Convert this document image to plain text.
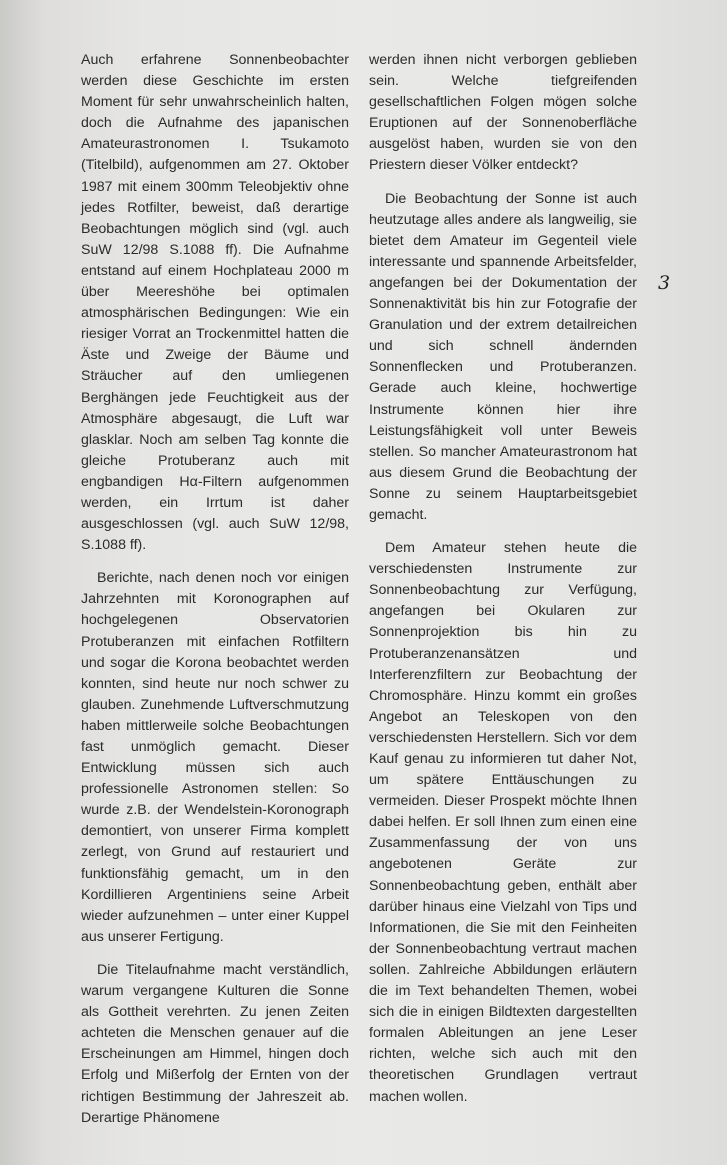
Auch erfahrene Sonnenbeobachter werden diese Geschichte im ersten Moment für sehr unwahrscheinlich halten, doch die Aufnahme des japanischen Amateurastronomen I. Tsukamoto (Titelbild), aufgenommen am 27. Oktober 1987 mit einem 300mm Teleobjektiv ohne jedes Rotfilter, beweist, daß derartige Beobachtungen möglich sind (vgl. auch SuW 12/98 S.1088 ff). Die Aufnahme entstand auf einem Hochplateau 2000 m über Meereshöhe bei optimalen atmosphärischen Bedingungen: Wie ein riesiger Vorrat an Trockenmittel hatten die Äste und Zweige der Bäume und Sträucher auf den umliegenen Berghängen jede Feuchtigkeit aus der Atmosphäre abgesaugt, die Luft war glasklar. Noch am selben Tag konnte die gleiche Protuberanz auch mit engbandigen Hα-Filtern aufgenommen werden, ein Irrtum ist daher ausgeschlossen (vgl. auch SuW 12/98, S.1088 ff).

Berichte, nach denen noch vor einigen Jahrzehnten mit Koronographen auf hochgelegenen Observatorien Protuberanzen mit einfachen Rotfiltern und sogar die Korona beobachtet werden konnten, sind heute nur noch schwer zu glauben. Zunehmende Luftverschmutzung haben mittlerweile solche Beobachtungen fast unmöglich gemacht. Dieser Entwicklung müssen sich auch professionelle Astronomen stellen: So wurde z.B. der Wendelstein-Koronograph demontiert, von unserer Firma komplett zerlegt, von Grund auf restauriert und funktionsfähig gemacht, um in den Kordillieren Argentiniens seine Arbeit wieder aufzunehmen – unter einer Kuppel aus unserer Fertigung.

Die Titelaufnahme macht verständlich, warum vergangene Kulturen die Sonne als Gottheit verehrten. Zu jenen Zeiten achteten die Menschen genauer auf die Erscheinungen am Himmel, hingen doch Erfolg und Mißerfolg der Ernten von der richtigen Bestimmung der Jahreszeit ab. Derartige Phänomene

werden ihnen nicht verborgen geblieben sein. Welche tiefgreifenden gesellschaftlichen Folgen mögen solche Eruptionen auf der Sonnenoberfläche ausgelöst haben, wurden sie von den Priestern dieser Völker entdeckt?

Die Beobachtung der Sonne ist auch heutzutage alles andere als langweilig, sie bietet dem Amateur im Gegenteil viele interessante und spannende Arbeitsfelder, angefangen bei der Dokumentation der Sonnenaktivität bis hin zur Fotografie der Granulation und der extrem detailreichen und sich schnell ändernden Sonnenflecken und Protuberanzen. Gerade auch kleine, hochwertige Instrumente können hier ihre Leistungsfähigkeit voll unter Beweis stellen. So mancher Amateurastronom hat aus diesem Grund die Beobachtung der Sonne zu seinem Hauptarbeitsgebiet gemacht.

Dem Amateur stehen heute die verschiedensten Instrumente zur Sonnenbeobachtung zur Verfügung, angefangen bei Okularen zur Sonnenprojektion bis hin zu Protuberanzenansätzen und Interferenzfiltern zur Beobachtung der Chromosphäre. Hinzu kommt ein großes Angebot an Teleskopen von den verschiedensten Herstellern. Sich vor dem Kauf genau zu informieren tut daher Not, um spätere Enttäuschungen zu vermeiden. Dieser Prospekt möchte Ihnen dabei helfen. Er soll Ihnen zum einen eine Zusammenfassung der von uns angebotenen Geräte zur Sonnenbeobachtung geben, enthält aber darüber hinaus eine Vielzahl von Tips und Informationen, die Sie mit den Feinheiten der Sonnenbeobachtung vertraut machen sollen. Zahlreiche Abbildungen erläutern die im Text behandelten Themen, wobei sich die in einigen Bildtexten dargestellten formalen Ableitungen an jene Leser richten, welche sich auch mit den theoretischen Grundlagen vertraut machen wollen.

3
